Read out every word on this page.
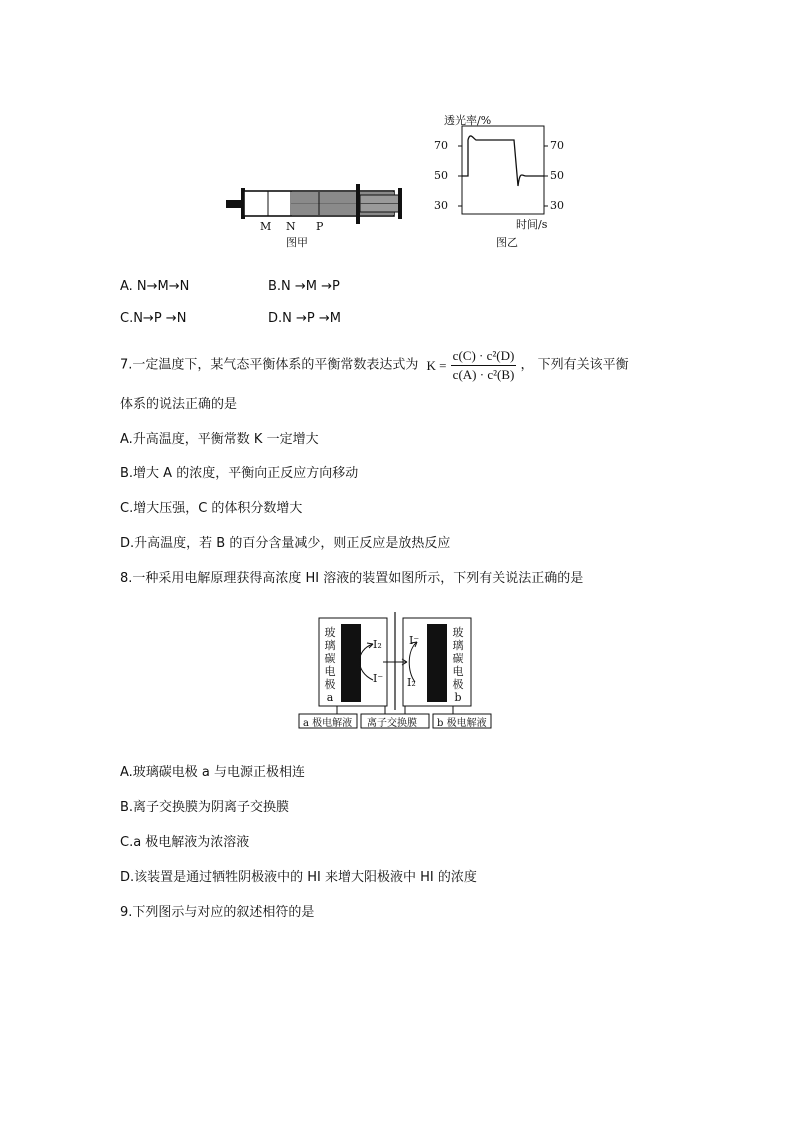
M N P
图甲
透光率/%
70
50
30
70
50
30
时间/s
图乙
A. N→M→N	B.N →M →P
C.N→P →N	D.N →P →M
7.一定温度下，某气态平衡体系的平衡常数表达式为 $K = \frac{\text{c(C) · c²(D)}}{\text{c(A) · c²(B)}}$ ， 下列有关该平衡
体系的说法正确的是
A.升高温度，平衡常数 K 一定增大
B.增大 A 的浓度，平衡向正反应方向移动
C.增大压强，C 的体积分数增大
D.升高温度，若 B 的百分含量减少，则正反应是放热反应
8.一种采用电解原理获得高浓度 HI 溶液的装置如图所示，下列有关说法正确的是
玻
璃
碳
电
极
a
玻
璃
碳
电
极
b
I₂
I⁻
I⁻
I₂
a 极电解液 离子交换膜 b 极电解液
A.玻璃碳电极 a 与电源正极相连
B.离子交换膜为阴离子交换膜
C.a 极电解液为浓溶液
D.该装置是通过牺牲阴极液中的 HI 来增大阳极液中 HI 的浓度
9.下列图示与对应的叙述相符的是
